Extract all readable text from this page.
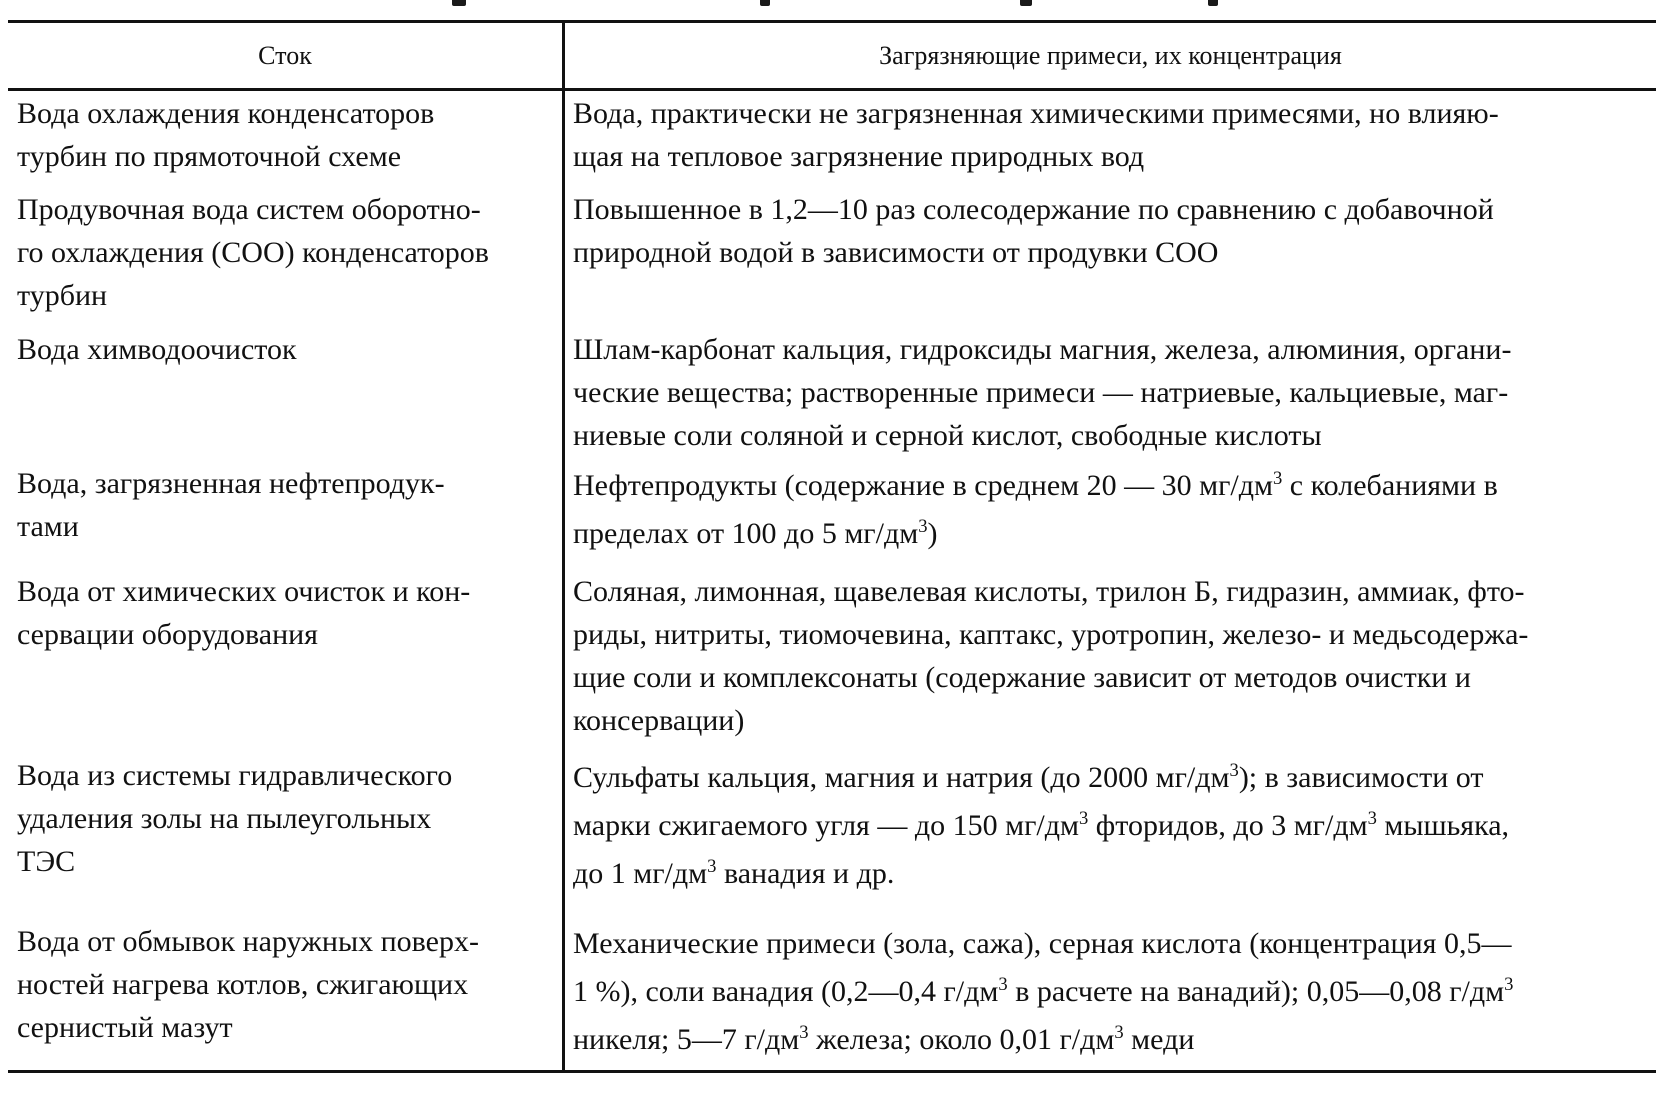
Сток	Загрязняющие примеси, их концентрация
Вода охлаждения конденсаторов
турбин по прямоточной схеме
Вода, практически не загрязненная химическими примесями, но влияю-
щая на тепловое загрязнение природных вод
Продувочная вода систем оборотно-
го охлаждения (СОО) конденсаторов
турбин
Повышенное в 1,2—10 раз солесодержание по сравнению с добавочной
природной водой в зависимости от продувки СОО
Вода химводоочисток	Шлам-карбонат кальция, гидроксиды магния, железа, алюминия, органи-
ческие вещества; растворенные примеси — натриевые, кальциевые, маг-
ниевые соли соляной и серной кислот, свободные кислоты
Вода, загрязненная нефтепродук-
тами
Нефтепродукты (содержание в среднем 20 — 30 $мг/дм^3$ с колебаниями в
пределах от 100 до 5 $мг/дм^3$)
Вода от химических очисток и кон-
сервации оборудования
Соляная, лимонная, щавелевая кислоты, трилон Б, гидразин, аммиак, фто-
риды, нитриты, тиомочевина, каптакс, уротропин, железо- и медьсодержа-
щие соли и комплексонаты (содержание зависит от методов очистки и
консервации)
Вода из системы гидравлического
удаления золы на пылеугольных
ТЭС
Сульфаты кальция, магния и натрия (до 2000 $мг/дм^3$); в зависимости от
марки сжигаемого угля — до 150 $мг/дм^3$ фторидов, до 3 $мг/дм^3$ мышьяка,
до 1 $мг/дм^3$ ванадия и др.
Вода от обмывок наружных поверх-
ностей нагрева котлов, сжигающих
сернистый мазут
Механические примеси (зола, сажа), серная кислота (концентрация 0,5—
1 %), соли ванадия (0,2—0,4 $г/дм^3$ в расчете на ванадий); 0,05—0,08 $г/дм^3$
никеля; 5—7 $г/дм^3$ железа; около 0,01 $г/дм^3$ меди
